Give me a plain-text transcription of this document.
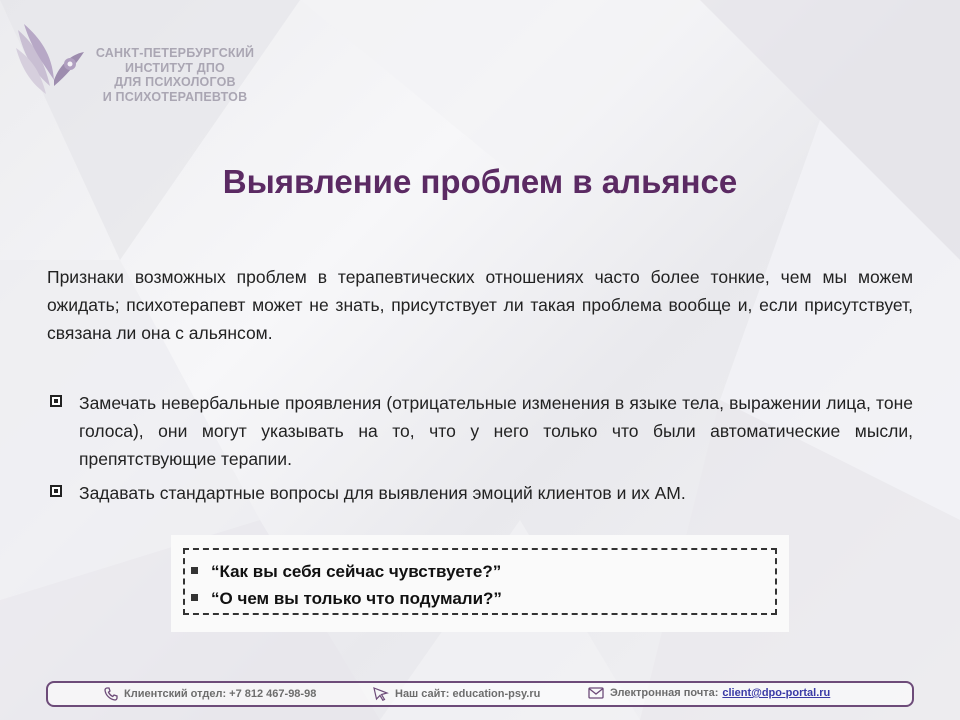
САНКТ-ПЕТЕРБУРГСКИЙ
ИНСТИТУТ ДПО
ДЛЯ ПСИХОЛОГОВ
И ПСИХОТЕРАПЕВТОВ
Выявление проблем в альянсе
Признаки возможных проблем в терапевтических отношениях часто более тонкие, чем мы можем ожидать; психотерапевт может не знать, присутствует ли такая проблема вообще и, если присутствует, связана ли она с альянсом.
Замечать невербальные проявления (отрицательные изменения в языке тела, выражении лица, тоне голоса), они могут указывать на то, что у него только что были автоматические мысли, препятствующие терапии.
Задавать стандартные вопросы для выявления эмоций клиентов и их АМ.
“Как вы себя сейчас чувствуете?”
“О чем вы только что подумали?”
Клиентский отдел: +7 812 467-98-98	Наш сайт: education-psy.ru	Электронная почта: client@dpo-portal.ru
